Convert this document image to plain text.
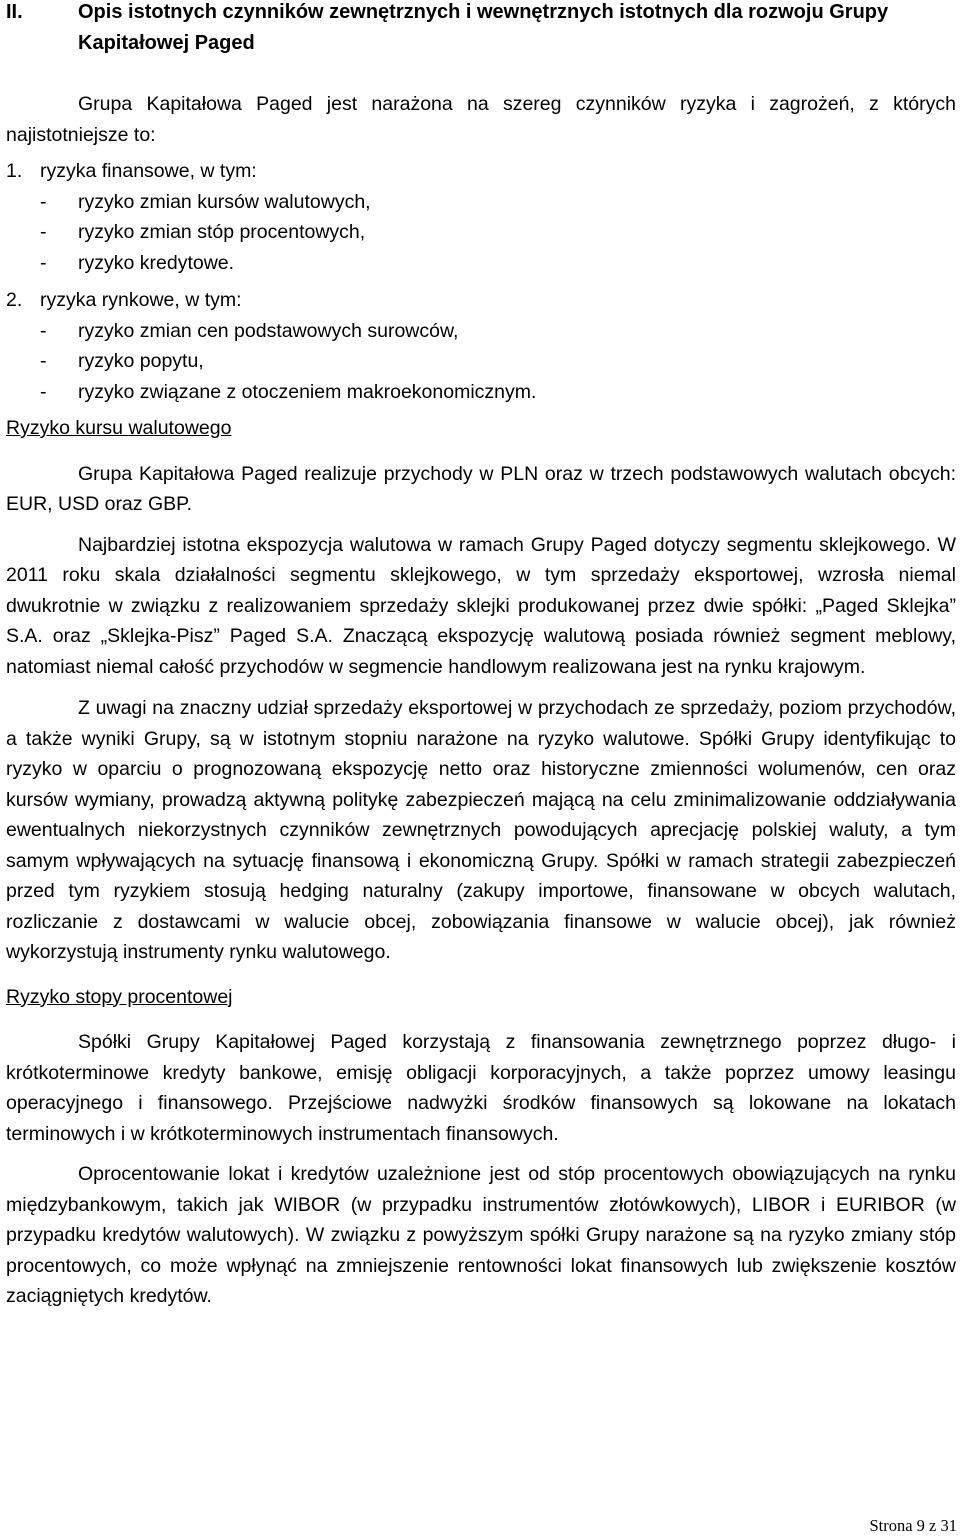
II.	Opis istotnych czynników zewnętrznych i wewnętrznych istotnych dla rozwoju Grupy Kapitałowej Paged
Grupa Kapitałowa Paged jest narażona na szereg czynników ryzyka i zagrożeń, z których najistotniejsze to:
1. ryzyka finansowe, w tym:
-	ryzyko zmian kursów walutowych,
-	ryzyko zmian stóp procentowych,
-	ryzyko kredytowe.
2. ryzyka rynkowe, w tym:
-	ryzyko zmian cen podstawowych surowców,
-	ryzyko popytu,
-	ryzyko związane z otoczeniem makroekonomicznym.
Ryzyko kursu walutowego
Grupa Kapitałowa Paged realizuje przychody w PLN oraz w trzech podstawowych walutach obcych: EUR, USD oraz GBP.
Najbardziej istotna ekspozycja walutowa w ramach Grupy Paged dotyczy segmentu sklejkowego. W 2011 roku skala działalności segmentu sklejkowego, w tym sprzedaży eksportowej, wzrosła niemal dwukrotnie w związku z realizowaniem sprzedaży sklejki produkowanej przez dwie spółki: „Paged Sklejka” S.A. oraz „Sklejka-Pisz” Paged S.A. Znaczącą ekspozycję walutową posiada również segment meblowy, natomiast niemal całość przychodów w segmencie handlowym realizowana jest na rynku krajowym.
Z uwagi na znaczny udział sprzedaży eksportowej w przychodach ze sprzedaży, poziom przychodów, a także wyniki Grupy, są w istotnym stopniu narażone na ryzyko walutowe. Spółki Grupy identyfikując to ryzyko w oparciu o prognozowaną ekspozycję netto oraz historyczne zmienności wolumenów, cen oraz kursów wymiany, prowadzą aktywną politykę zabezpieczeń mającą na celu zminimalizowanie oddziaływania ewentualnych niekorzystnych czynników zewnętrznych powodujących aprecjację polskiej waluty, a tym samym wpływających na sytuację finansową i ekonomiczną Grupy. Spółki w ramach strategii zabezpieczeń przed tym ryzykiem stosują hedging naturalny (zakupy importowe, finansowane w obcych walutach, rozliczanie z dostawcami w walucie obcej, zobowiązania finansowe w walucie obcej), jak również wykorzystują instrumenty rynku walutowego.
Ryzyko stopy procentowej
Spółki Grupy Kapitałowej Paged korzystają z finansowania zewnętrznego poprzez długo- i krótkoterminowe kredyty bankowe, emisję obligacji korporacyjnych, a także poprzez umowy leasingu operacyjnego i finansowego. Przejściowe nadwyżki środków finansowych są lokowane na lokatach terminowych i w krótkoterminowych instrumentach finansowych.
Oprocentowanie lokat i kredytów uzależnione jest od stóp procentowych obowiązujących na rynku międzybankowym, takich jak WIBOR (w przypadku instrumentów złotówkowych), LIBOR i EURIBOR (w przypadku kredytów walutowych). W związku z powyższym spółki Grupy narażone są na ryzyko zmiany stóp procentowych, co może wpłynąć na zmniejszenie rentowności lokat finansowych lub zwiększenie kosztów zaciągniętych kredytów.
Strona 9 z 31
